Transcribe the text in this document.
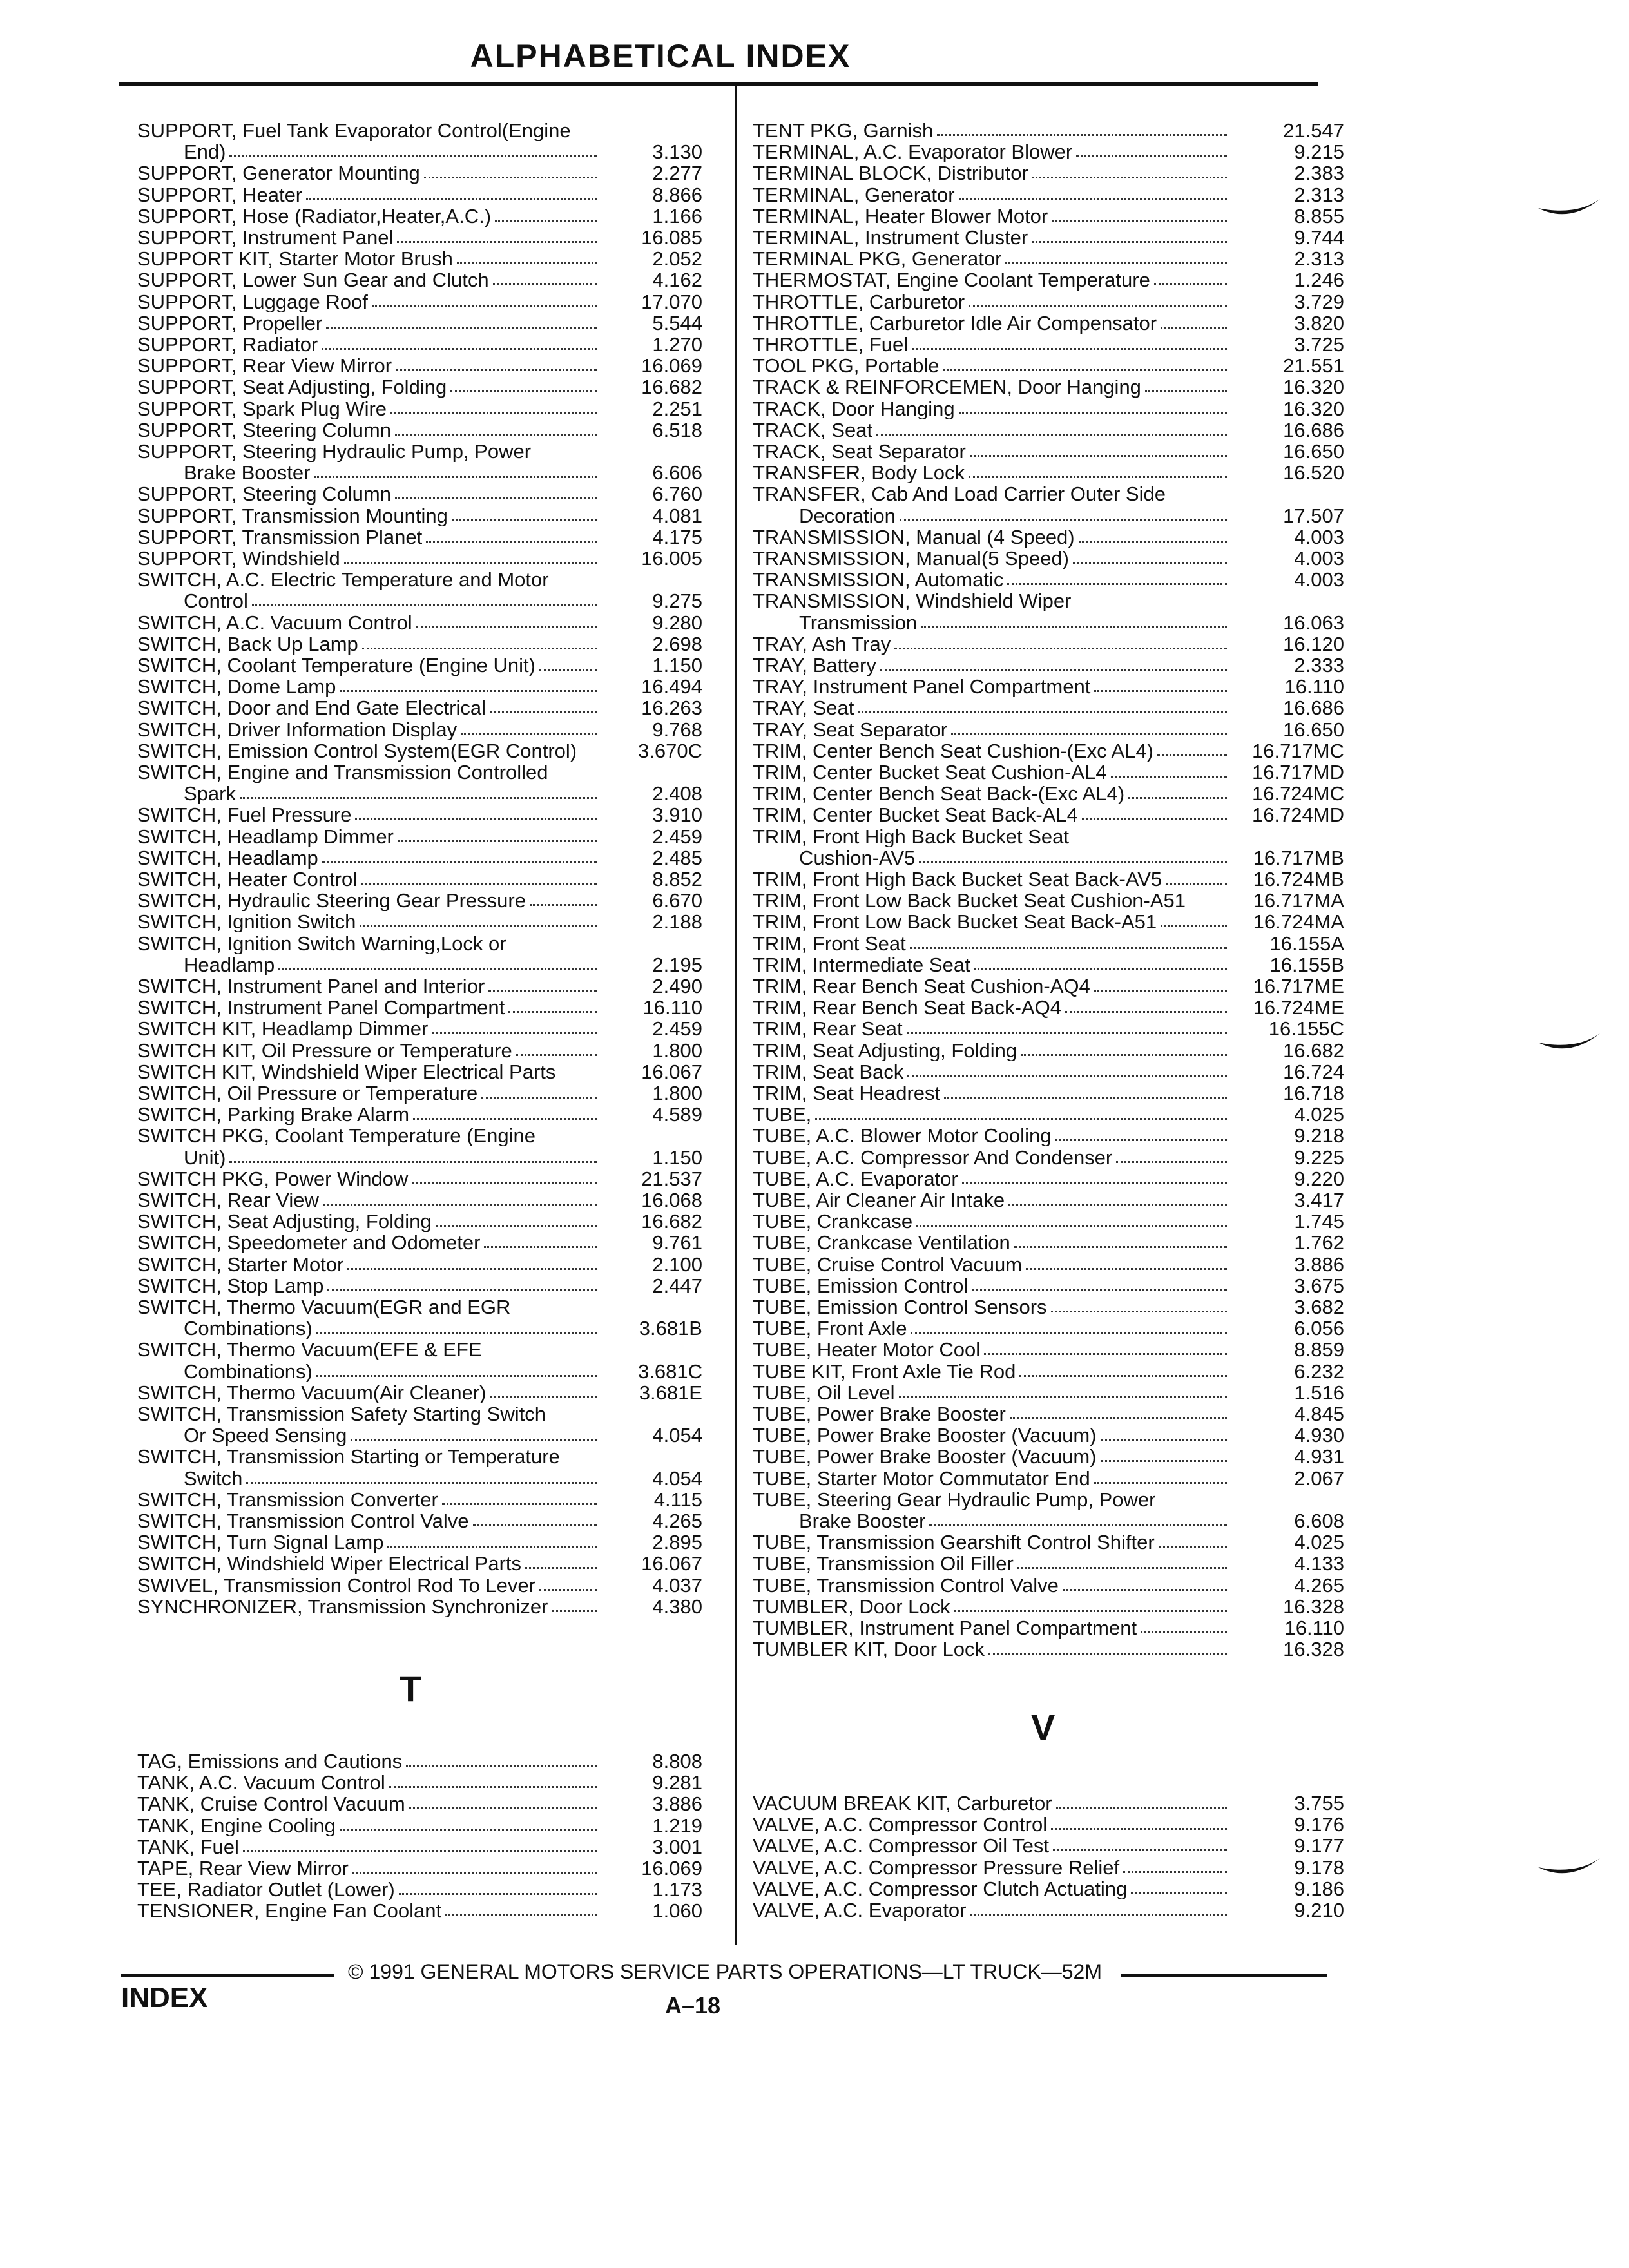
ALPHABETICAL INDEX
SUPPORT, Fuel Tank Evaporator Control(Engine
End)	3.130
SUPPORT, Generator Mounting	2.277
SUPPORT, Heater	8.866
SUPPORT, Hose (Radiator,Heater,A.C.)	1.166
SUPPORT, Instrument Panel	16.085
SUPPORT KIT, Starter Motor Brush	2.052
SUPPORT, Lower Sun Gear and Clutch	4.162
SUPPORT, Luggage Roof	17.070
SUPPORT, Propeller	5.544
SUPPORT, Radiator	1.270
SUPPORT, Rear View Mirror	16.069
SUPPORT, Seat Adjusting, Folding	16.682
SUPPORT, Spark Plug Wire	2.251
SUPPORT, Steering Column	6.518
SUPPORT, Steering Hydraulic Pump, Power
Brake Booster	6.606
SUPPORT, Steering Column	6.760
SUPPORT, Transmission Mounting	4.081
SUPPORT, Transmission Planet	4.175
SUPPORT, Windshield	16.005
SWITCH, A.C. Electric Temperature and Motor
Control	9.275
SWITCH, A.C. Vacuum Control	9.280
SWITCH, Back Up Lamp	2.698
SWITCH, Coolant Temperature (Engine Unit)	1.150
SWITCH, Dome Lamp	16.494
SWITCH, Door and End Gate Electrical	16.263
SWITCH, Driver Information Display	9.768
SWITCH, Emission Control System(EGR Control)	3.670C
SWITCH, Engine and Transmission Controlled
Spark	2.408
SWITCH, Fuel Pressure	3.910
SWITCH, Headlamp Dimmer	2.459
SWITCH, Headlamp	2.485
SWITCH, Heater Control	8.852
SWITCH, Hydraulic Steering Gear Pressure	6.670
SWITCH, Ignition Switch	2.188
SWITCH, Ignition Switch Warning,Lock or
Headlamp	2.195
SWITCH, Instrument Panel and Interior	2.490
SWITCH, Instrument Panel Compartment	16.110
SWITCH KIT, Headlamp Dimmer	2.459
SWITCH KIT, Oil Pressure or Temperature	1.800
SWITCH KIT, Windshield Wiper Electrical Parts	16.067
SWITCH, Oil Pressure or Temperature	1.800
SWITCH, Parking Brake Alarm	4.589
SWITCH PKG, Coolant Temperature (Engine
Unit)	1.150
SWITCH PKG, Power Window	21.537
SWITCH, Rear View	16.068
SWITCH, Seat Adjusting, Folding	16.682
SWITCH, Speedometer and Odometer	9.761
SWITCH, Starter Motor	2.100
SWITCH, Stop Lamp	2.447
SWITCH, Thermo Vacuum(EGR and EGR
Combinations)	3.681B
SWITCH, Thermo Vacuum(EFE & EFE
Combinations)	3.681C
SWITCH, Thermo Vacuum(Air Cleaner)	3.681E
SWITCH, Transmission Safety Starting Switch
Or Speed Sensing	4.054
SWITCH, Transmission Starting or Temperature
Switch	4.054
SWITCH, Transmission Converter	4.115
SWITCH, Transmission Control Valve	4.265
SWITCH, Turn Signal Lamp	2.895
SWITCH, Windshield Wiper Electrical Parts	16.067
SWIVEL, Transmission Control Rod To Lever	4.037
SYNCHRONIZER, Transmission Synchronizer	4.380
TAG, Emissions and Cautions	8.808
TANK, A.C. Vacuum Control	9.281
TANK, Cruise Control Vacuum	3.886
TANK, Engine Cooling	1.219
TANK, Fuel	3.001
TAPE, Rear View Mirror	16.069
TEE, Radiator Outlet (Lower)	1.173
TENSIONER, Engine Fan Coolant	1.060
TENT PKG, Garnish	21.547
TERMINAL, A.C. Evaporator Blower	9.215
TERMINAL BLOCK, Distributor	2.383
TERMINAL, Generator	2.313
TERMINAL, Heater Blower Motor	8.855
TERMINAL, Instrument Cluster	9.744
TERMINAL PKG, Generator	2.313
THERMOSTAT, Engine Coolant Temperature	1.246
THROTTLE, Carburetor	3.729
THROTTLE, Carburetor Idle Air Compensator	3.820
THROTTLE, Fuel	3.725
TOOL PKG, Portable	21.551
TRACK & REINFORCEMEN, Door Hanging	16.320
TRACK, Door Hanging	16.320
TRACK, Seat	16.686
TRACK, Seat Separator	16.650
TRANSFER, Body Lock	16.520
TRANSFER, Cab And Load Carrier Outer Side
Decoration	17.507
TRANSMISSION, Manual (4 Speed)	4.003
TRANSMISSION, Manual(5 Speed)	4.003
TRANSMISSION, Automatic	4.003
TRANSMISSION, Windshield Wiper
Transmission	16.063
TRAY, Ash Tray	16.120
TRAY, Battery	2.333
TRAY, Instrument Panel Compartment	16.110
TRAY, Seat	16.686
TRAY, Seat Separator	16.650
TRIM, Center Bench Seat Cushion-(Exc AL4)	16.717MC
TRIM, Center Bucket Seat Cushion-AL4	16.717MD
TRIM, Center Bench Seat Back-(Exc AL4)	16.724MC
TRIM, Center Bucket Seat Back-AL4	16.724MD
TRIM, Front High Back Bucket Seat
Cushion-AV5	16.717MB
TRIM, Front High Back Bucket Seat Back-AV5	16.724MB
TRIM, Front Low Back Bucket Seat Cushion-A51	16.717MA
TRIM, Front Low Back Bucket Seat Back-A51	16.724MA
TRIM, Front Seat	16.155A
TRIM, Intermediate Seat	16.155B
TRIM, Rear Bench Seat Cushion-AQ4	16.717ME
TRIM, Rear Bench Seat Back-AQ4	16.724ME
TRIM, Rear Seat	16.155C
TRIM, Seat Adjusting, Folding	16.682
TRIM, Seat Back	16.724
TRIM, Seat Headrest	16.718
TUBE,	4.025
TUBE, A.C. Blower Motor Cooling	9.218
TUBE, A.C. Compressor And Condenser	9.225
TUBE, A.C. Evaporator	9.220
TUBE, Air Cleaner Air Intake	3.417
TUBE, Crankcase	1.745
TUBE, Crankcase Ventilation	1.762
TUBE, Cruise Control Vacuum	3.886
TUBE, Emission Control	3.675
TUBE, Emission Control Sensors	3.682
TUBE, Front Axle	6.056
TUBE, Heater Motor Cool	8.859
TUBE KIT, Front Axle Tie Rod	6.232
TUBE, Oil Level	1.516
TUBE, Power Brake Booster	4.845
TUBE, Power Brake Booster (Vacuum)	4.930
TUBE, Power Brake Booster (Vacuum)	4.931
TUBE, Starter Motor Commutator End	2.067
TUBE, Steering Gear Hydraulic Pump, Power
Brake Booster	6.608
TUBE, Transmission Gearshift Control Shifter	4.025
TUBE, Transmission Oil Filler	4.133
TUBE, Transmission Control Valve	4.265
TUMBLER, Door Lock	16.328
TUMBLER, Instrument Panel Compartment	16.110
TUMBLER KIT, Door Lock	16.328
VACUUM BREAK KIT, Carburetor	3.755
VALVE, A.C. Compressor Control	9.176
VALVE, A.C. Compressor Oil Test	9.177
VALVE, A.C. Compressor Pressure Relief	9.178
VALVE, A.C. Compressor Clutch Actuating	9.186
VALVE, A.C. Evaporator	9.210
T
V
© 1991 GENERAL MOTORS SERVICE PARTS OPERATIONS—LT TRUCK—52M
INDEX	A–18
